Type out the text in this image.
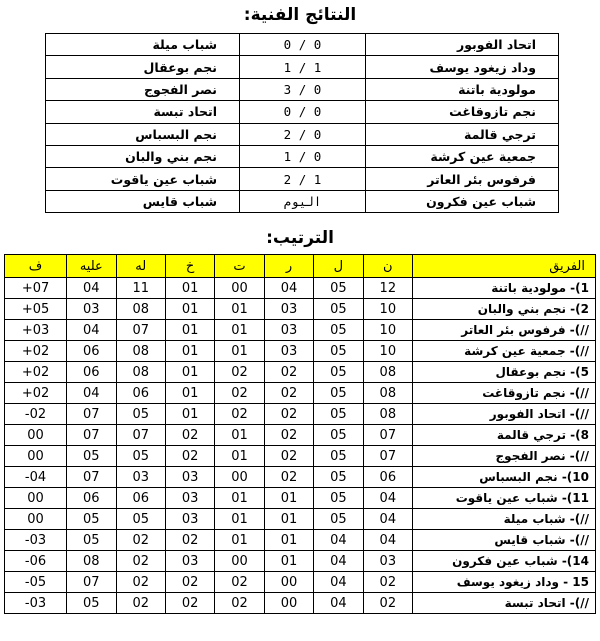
النتائج الفنية:
اتحاد الفوبور	0 / 0	شباب ميلة
وداد زيغود يوسف	1 / 1	نجم بوعقال
مولودية باتنة	3 / 0	نصر الفجوج
نجم تازوقاغت	0 / 0	اتحاد تبسة
ترجي قالمة	2 / 0	نجم البسباس
جمعية عين كرشة	1 / 0	نجم بني والبان
فرفوس بئر العاتر	2 / 1	شباب عين ياقوت
شباب عين فكرون	اليوم	شباب قايس
الترتيب:
الفريق	ن	ل	ر	ت	خ	له	عليه	ف
1)- مولودية باتنة	12	05	04	00	01	11	04	+07
2)- نجم بني والبان	10	05	03	01	01	08	03	+05
//)- فرفوس بئر العاتر	10	05	03	01	01	07	04	+03
//)- جمعية عين كرشة	10	05	03	01	01	08	06	+02
5)- نجم بوعقال	08	05	02	02	01	08	06	+02
//)- نجم تازوقاغت	08	05	02	02	01	06	04	+02
//)- اتحاد الفوبور	08	05	02	02	01	05	07	-02
8)- ترجي قالمة	07	05	02	01	02	07	07	00
//)- نصر الفجوج	07	05	02	01	02	05	05	00
10)- نجم البسباس	06	05	02	00	03	03	07	-04
11)- شباب عين ياقوت	04	05	01	01	03	06	06	00
//)- شباب ميلة	04	05	01	01	03	05	05	00
//)- شباب قايس	04	04	01	01	02	02	05	-03
14)- شباب عين فكرون	03	04	01	00	03	02	08	-06
15 - وداد زيغود يوسف	02	04	00	02	02	02	07	-05
//)- اتحاد تبسة	02	04	00	02	02	02	05	-03
